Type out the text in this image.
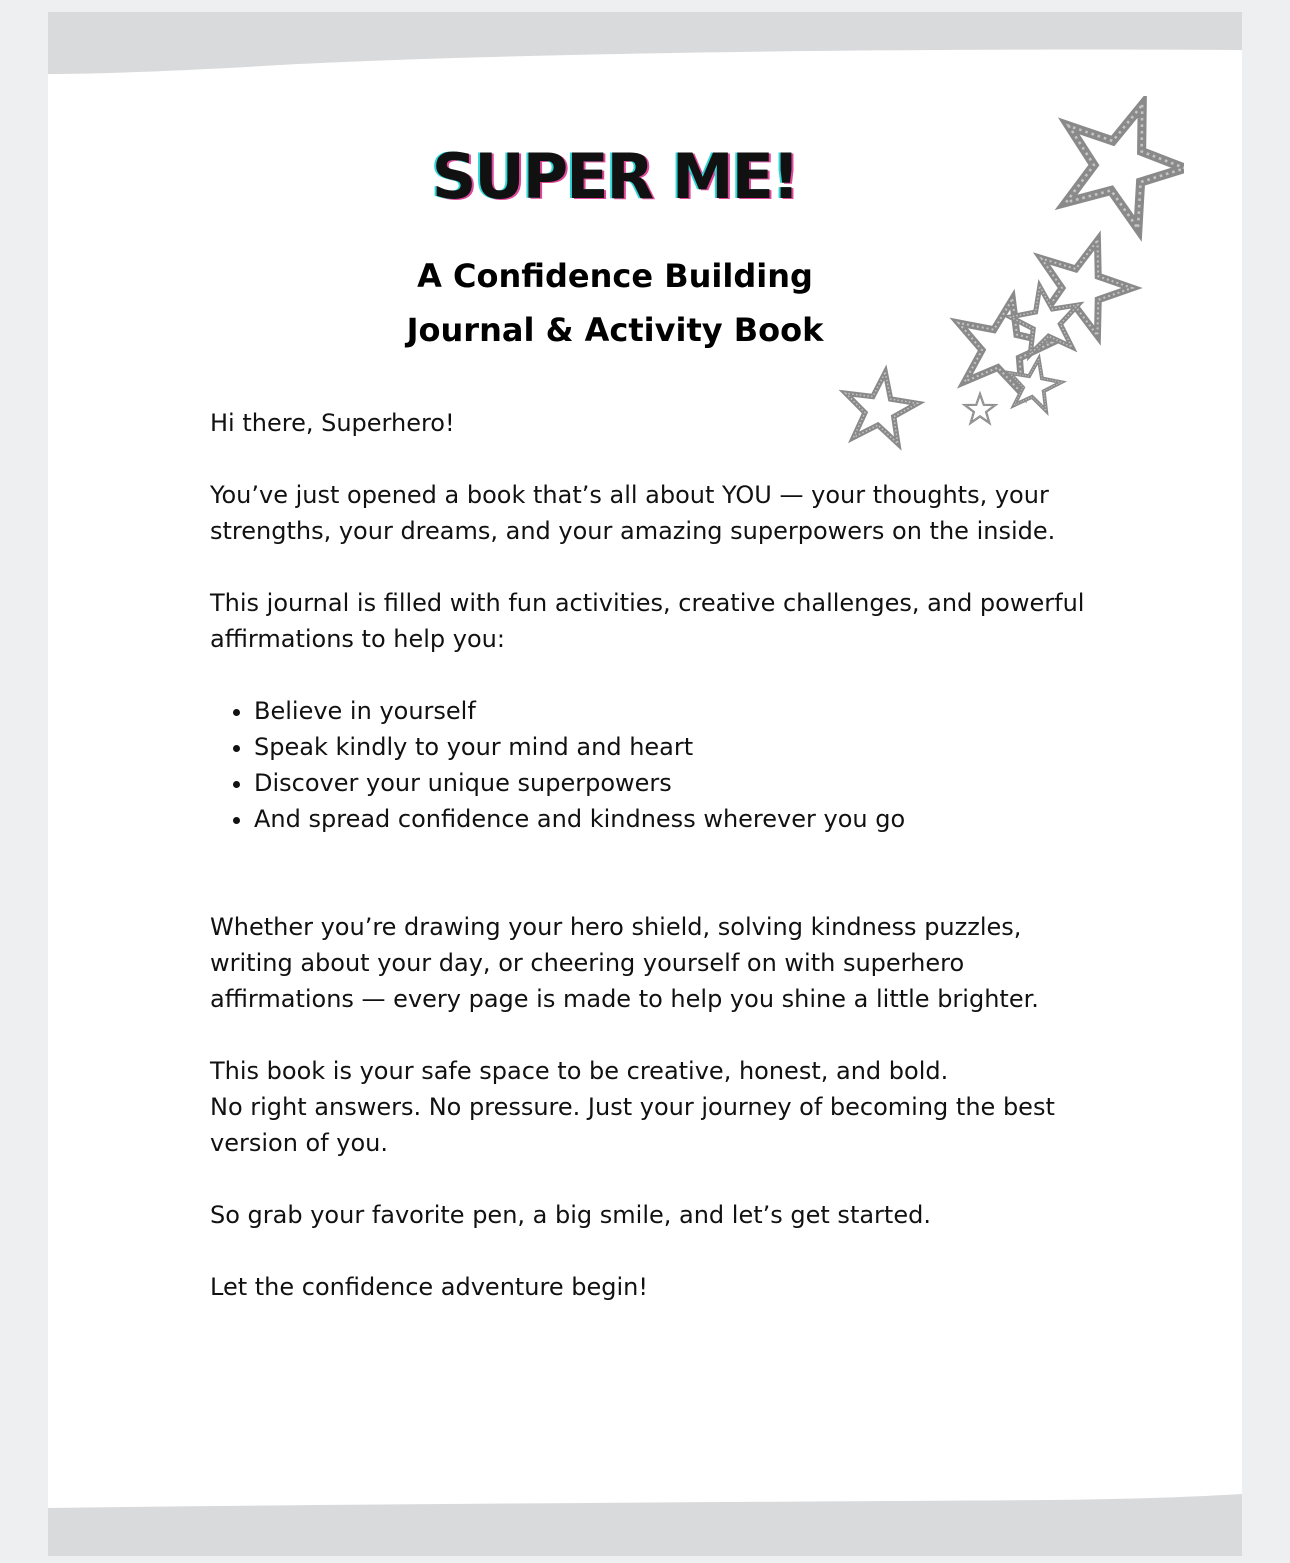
SUPER ME!
A Confidence Building
Journal & Activity Book

Hi there, Superhero!

You’ve just opened a book that’s all about YOU — your thoughts, your strengths, your dreams, and your amazing superpowers on the inside.

This journal is filled with fun activities, creative challenges, and powerful affirmations to help you:

• Believe in yourself
• Speak kindly to your mind and heart
• Discover your unique superpowers
• And spread confidence and kindness wherever you go

Whether you’re drawing your hero shield, solving kindness puzzles, writing about your day, or cheering yourself on with superhero affirmations — every page is made to help you shine a little brighter.

This book is your safe space to be creative, honest, and bold.

No right answers. No pressure. Just your journey of becoming the best version of you.

So grab your favorite pen, a big smile, and let’s get started.

Let the confidence adventure begin!
